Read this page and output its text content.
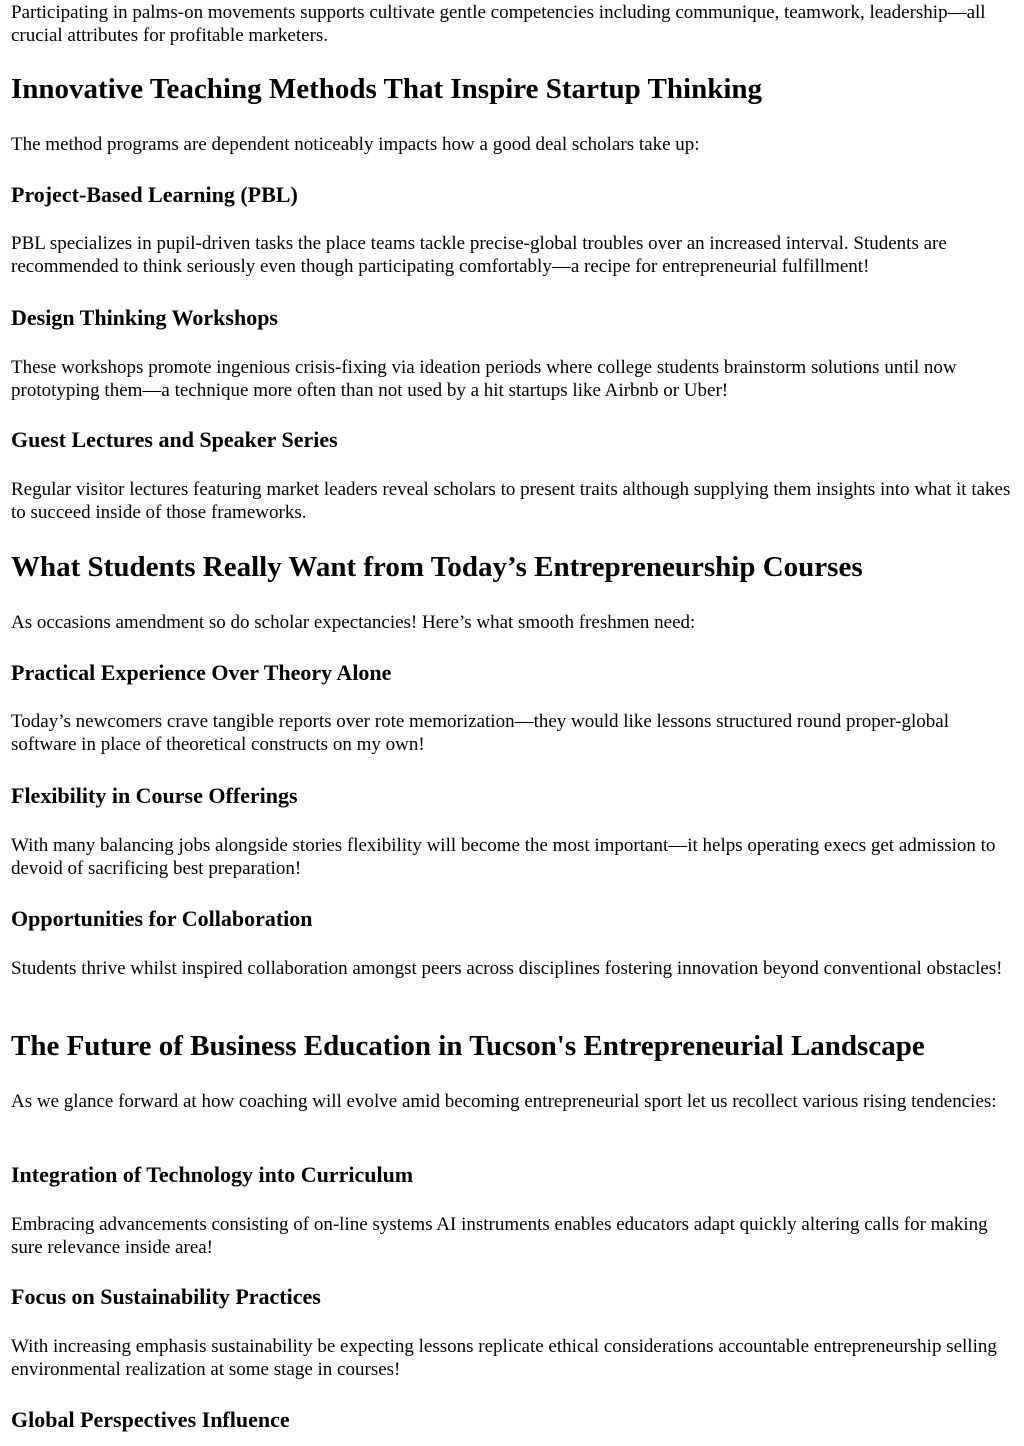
Participating in palms-on movements supports cultivate gentle competencies including communique, teamwork, leadership—all crucial attributes for profitable marketers.

Innovative Teaching Methods That Inspire Startup Thinking

The method programs are dependent noticeably impacts how a good deal scholars take up:

Project-Based Learning (PBL)

PBL specializes in pupil-driven tasks the place teams tackle precise-global troubles over an increased interval. Students are recommended to think seriously even though participating comfortably—a recipe for entrepreneurial fulfillment!

Design Thinking Workshops

These workshops promote ingenious crisis-fixing via ideation periods where college students brainstorm solutions until now prototyping them—a technique more often than not used by a hit startups like Airbnb or Uber!

Guest Lectures and Speaker Series

Regular visitor lectures featuring market leaders reveal scholars to present traits although supplying them insights into what it takes to succeed inside of those frameworks.

What Students Really Want from Today’s Entrepreneurship Courses

As occasions amendment so do scholar expectancies! Here’s what smooth freshmen need:

Practical Experience Over Theory Alone

Today’s newcomers crave tangible reports over rote memorization—they would like lessons structured round proper-global software in place of theoretical constructs on my own!

Flexibility in Course Offerings

With many balancing jobs alongside stories flexibility will become the most important—it helps operating execs get admission to devoid of sacrificing best preparation!

Opportunities for Collaboration

Students thrive whilst inspired collaboration amongst peers across disciplines fostering innovation beyond conventional obstacles!

The Future of Business Education in Tucson's Entrepreneurial Landscape

As we glance forward at how coaching will evolve amid becoming entrepreneurial sport let us recollect various rising tendencies:

Integration of Technology into Curriculum

Embracing advancements consisting of on-line systems AI instruments enables educators adapt quickly altering calls for making sure relevance inside area!

Focus on Sustainability Practices

With increasing emphasis sustainability be expecting lessons replicate ethical considerations accountable entrepreneurship selling environmental realization at some stage in courses!

Global Perspectives Influence
